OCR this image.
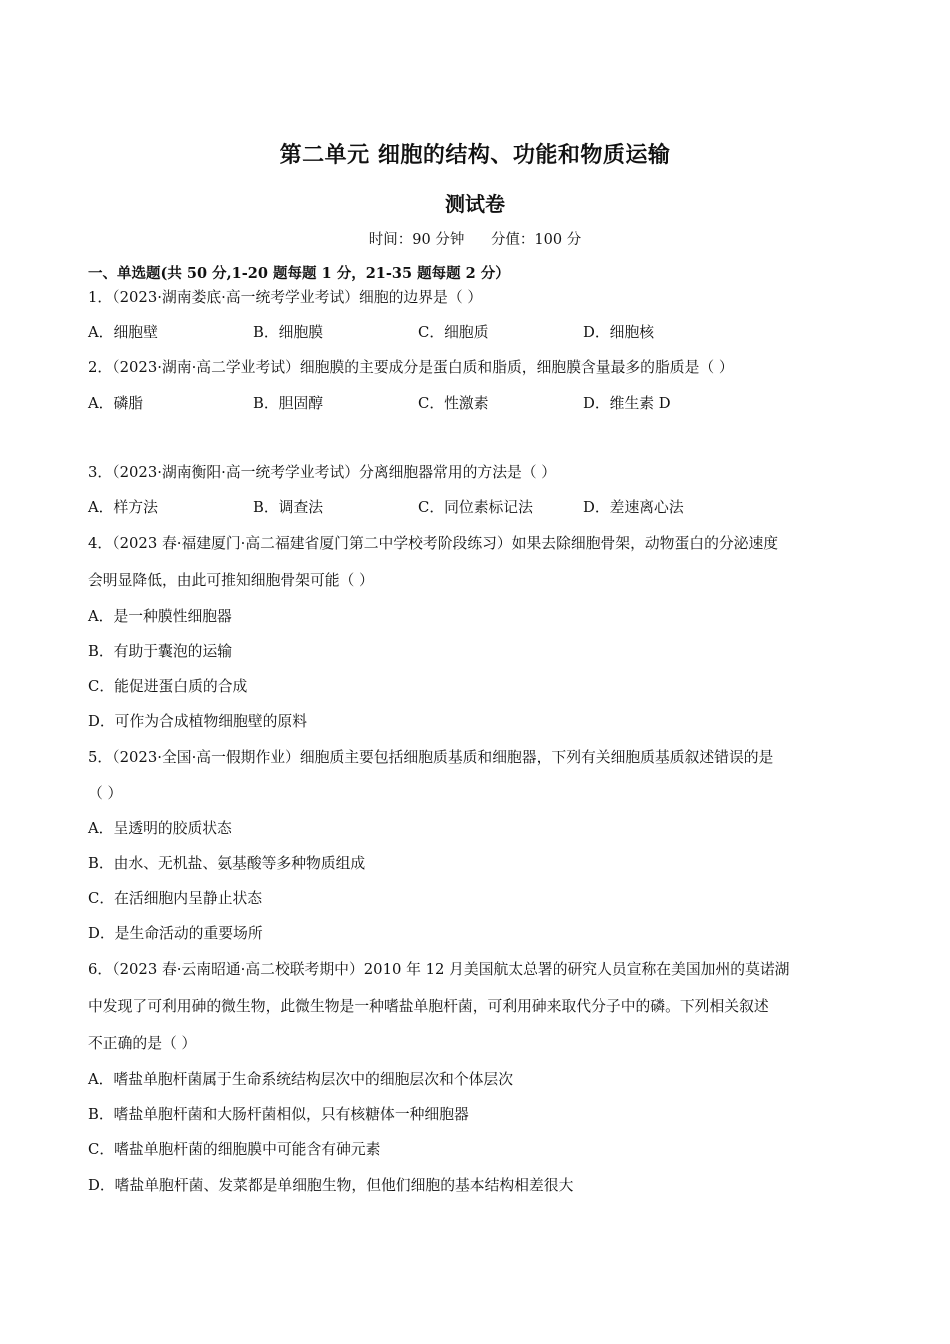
第二单元 细胞的结构、功能和物质运输
测试卷
时间：90 分钟 分值：100 分
一、单选题(共 50 分,1-20 题每题 1 分，21-35 题每题 2 分）
1．（2023·湖南娄底·高一统考学业考试）细胞的边界是（ ）
A．细胞壁	B．细胞膜	C．细胞质	D．细胞核
2．（2023·湖南·高二学业考试）细胞膜的主要成分是蛋白质和脂质，细胞膜含量最多的脂质是（ ）
A．磷脂	B．胆固醇	C．性激素	D．维生素 D
3．（2023·湖南衡阳·高一统考学业考试）分离细胞器常用的方法是（ ）
A．样方法	B．调查法	C．同位素标记法	D．差速离心法
4．（2023 春·福建厦门·高二福建省厦门第二中学校考阶段练习）如果去除细胞骨架，动物蛋白的分泌速度
会明显降低，由此可推知细胞骨架可能（ ）
A．是一种膜性细胞器
B．有助于囊泡的运输
C．能促进蛋白质的合成
D．可作为合成植物细胞壁的原料
5．（2023·全国·高一假期作业）细胞质主要包括细胞质基质和细胞器，下列有关细胞质基质叙述错误的是
（ ）
A．呈透明的胶质状态
B．由水、无机盐、氨基酸等多种物质组成
C．在活细胞内呈静止状态
D．是生命活动的重要场所
6．（2023 春·云南昭通·高二校联考期中）2010 年 12 月美国航太总署的研究人员宣称在美国加州的莫诺湖
中发现了可利用砷的微生物，此微生物是一种嗜盐单胞杆菌，可利用砷来取代分子中的磷。下列相关叙述
不正确的是（ ）
A．嗜盐单胞杆菌属于生命系统结构层次中的细胞层次和个体层次
B．嗜盐单胞杆菌和大肠杆菌相似，只有核糖体一种细胞器
C．嗜盐单胞杆菌的细胞膜中可能含有砷元素
D．嗜盐单胞杆菌、发菜都是单细胞生物，但他们细胞的基本结构相差很大
